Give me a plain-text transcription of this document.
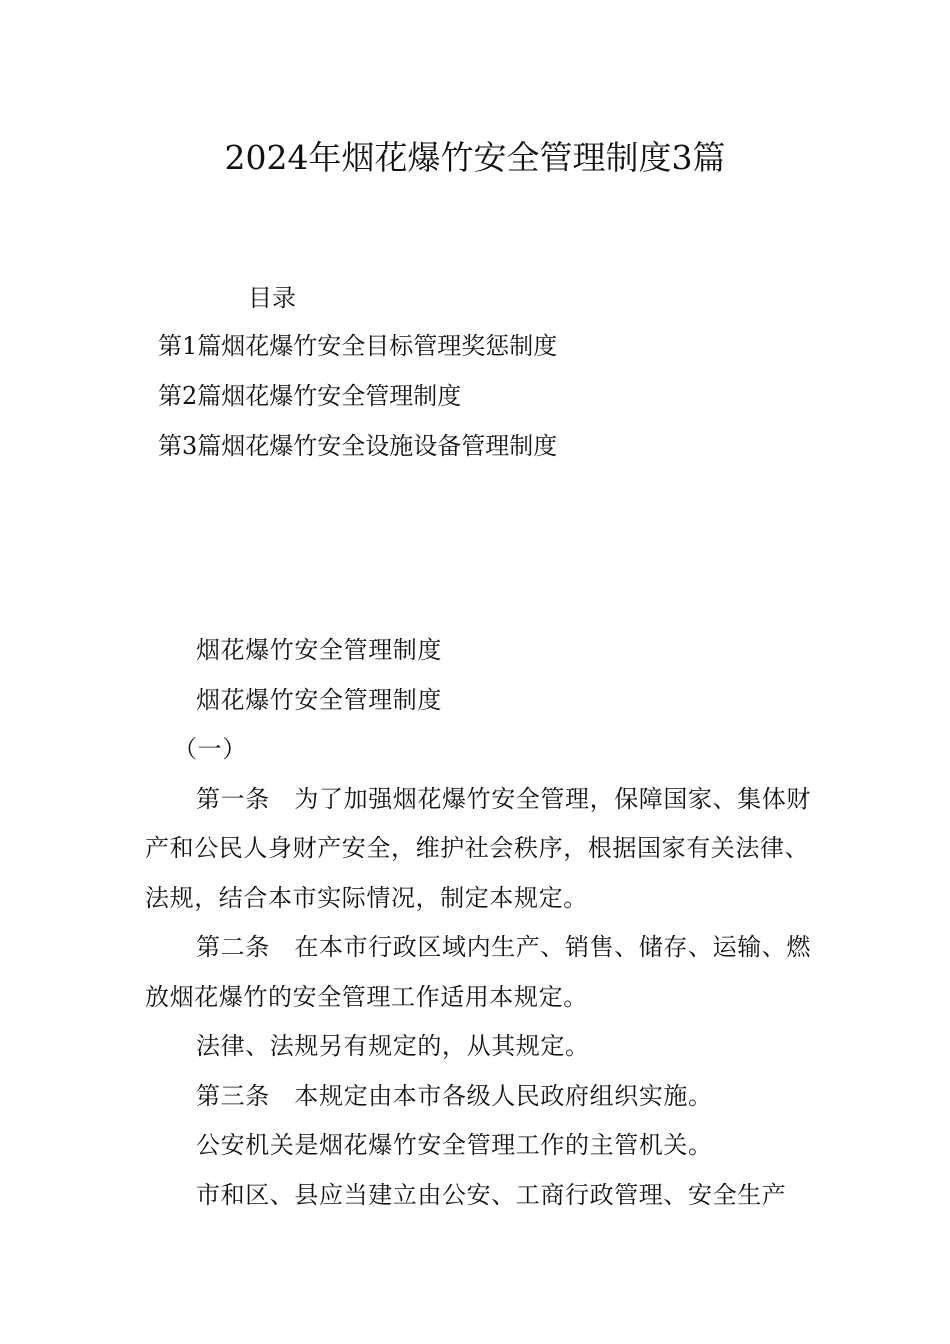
2024年烟花爆竹安全管理制度3篇
目录
第1篇烟花爆竹安全目标管理奖惩制度
第2篇烟花爆竹安全管理制度
第3篇烟花爆竹安全设施设备管理制度

烟花爆竹安全管理制度

烟花爆竹安全管理制度

（一）

第一条　为了加强烟花爆竹安全管理，保障国家、集体财产和公民人身财产安全，维护社会秩序，根据国家有关法律、法规，结合本市实际情况，制定本规定。

第二条　在本市行政区域内生产、销售、储存、运输、燃放烟花爆竹的安全管理工作适用本规定。

法律、法规另有规定的，从其规定。

第三条　本规定由本市各级人民政府组织实施。

公安机关是烟花爆竹安全管理工作的主管机关。

市和区、县应当建立由公安、工商行政管理、安全生产
